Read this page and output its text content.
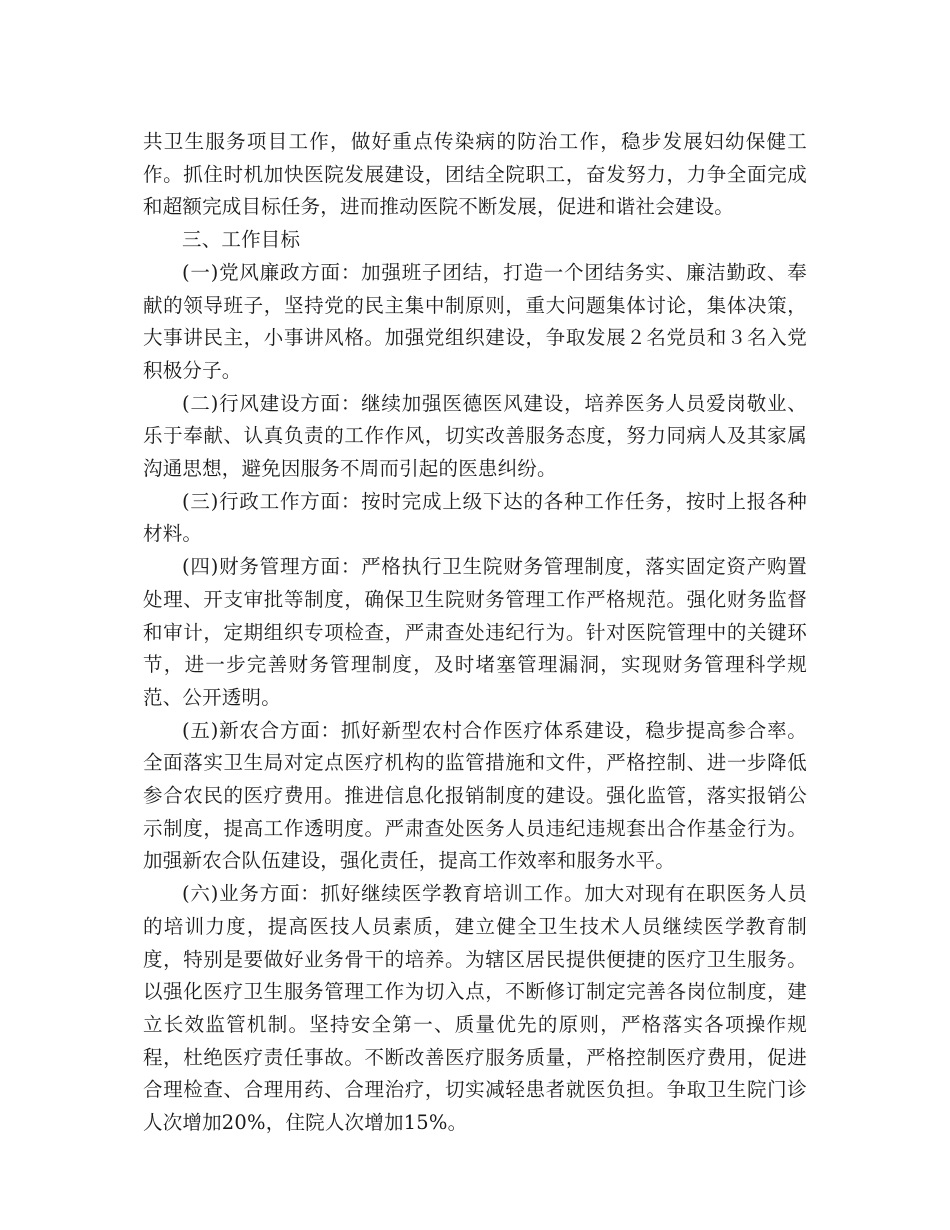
共卫生服务项目工作，做好重点传染病的防治工作，稳步发展妇幼保健工作。抓住时机加快医院发展建设，团结全院职工，奋发努力，力争全面完成和超额完成目标任务，进而推动医院不断发展，促进和谐社会建设。

三、工作目标

(一)党风廉政方面：加强班子团结，打造一个团结务实、廉洁勤政、奉献的领导班子，坚持党的民主集中制原则，重大问题集体讨论，集体决策，大事讲民主，小事讲风格。加强党组织建设，争取发展２名党员和３名入党积极分子。

(二)行风建设方面：继续加强医德医风建设，培养医务人员爱岗敬业、乐于奉献、认真负责的工作作风，切实改善服务态度，努力同病人及其家属沟通思想，避免因服务不周而引起的医患纠纷。

(三)行政工作方面：按时完成上级下达的各种工作任务，按时上报各种材料。

(四)财务管理方面：严格执行卫生院财务管理制度，落实固定资产购置处理、开支审批等制度，确保卫生院财务管理工作严格规范。强化财务监督和审计，定期组织专项检查，严肃查处违纪行为。针对医院管理中的关键环节，进一步完善财务管理制度，及时堵塞管理漏洞，实现财务管理科学规范、公开透明。

(五)新农合方面：抓好新型农村合作医疗体系建设，稳步提高参合率。全面落实卫生局对定点医疗机构的监管措施和文件，严格控制、进一步降低参合农民的医疗费用。推进信息化报销制度的建设。强化监管，落实报销公示制度，提高工作透明度。严肃查处医务人员违纪违规套出合作基金行为。加强新农合队伍建设，强化责任，提高工作效率和服务水平。

(六)业务方面：抓好继续医学教育培训工作。加大对现有在职医务人员的培训力度，提高医技人员素质，建立健全卫生技术人员继续医学教育制度，特别是要做好业务骨干的培养。为辖区居民提供便捷的医疗卫生服务。以强化医疗卫生服务管理工作为切入点，不断修订制定完善各岗位制度，建立长效监管机制。坚持安全第一、质量优先的原则，严格落实各项操作规程，杜绝医疗责任事故。不断改善医疗服务质量，严格控制医疗费用，促进合理检查、合理用药、合理治疗，切实减轻患者就医负担。争取卫生院门诊人次增加20%，住院人次增加15%。
